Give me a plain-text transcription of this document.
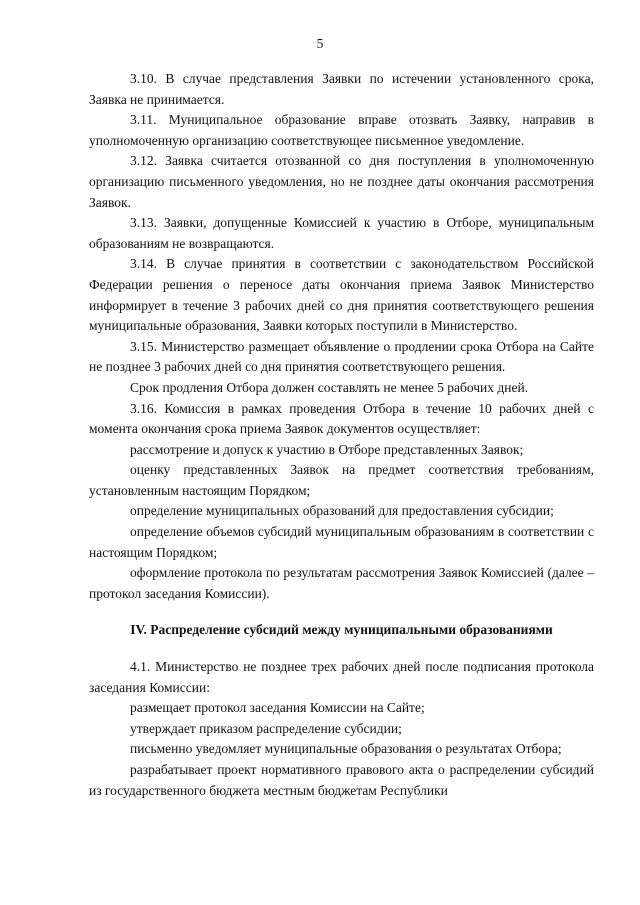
5

3.10. В случае представления Заявки по истечении установленного срока, Заявка не принимается.

3.11. Муниципальное образование вправе отозвать Заявку, направив в уполномоченную организацию соответствующее письменное уведомление.

3.12. Заявка считается отозванной со дня поступления в уполномоченную организацию письменного уведомления, но не позднее даты окончания рассмотрения Заявок.

3.13. Заявки, допущенные Комиссией к участию в Отборе, муниципальным образованиям не возвращаются.

3.14. В случае принятия в соответствии с законодательством Российской Федерации решения о переносе даты окончания приема Заявок Министерство информирует в течение 3 рабочих дней со дня принятия соответствующего решения муниципальные образования, Заявки которых поступили в Министерство.

3.15. Министерство размещает объявление о продлении срока Отбора на Сайте не позднее 3 рабочих дней со дня принятия соответствующего решения.

Срок продления Отбора должен составлять не менее 5 рабочих дней.

3.16. Комиссия в рамках проведения Отбора в течение 10 рабочих дней с момента окончания срока приема Заявок документов осуществляет:

рассмотрение и допуск к участию в Отборе представленных Заявок;

оценку представленных Заявок на предмет соответствия требованиям, установленным настоящим Порядком;

определение муниципальных образований для предоставления субсидии;

определение объемов субсидий муниципальным образованиям в соответствии с настоящим Порядком;

оформление протокола по результатам рассмотрения Заявок Комиссией (далее – протокол заседания Комиссии).

IV. Распределение субсидий между муниципальными образованиями

4.1. Министерство не позднее трех рабочих дней после подписания протокола заседания Комиссии:

размещает протокол заседания Комиссии на Сайте;

утверждает приказом распределение субсидии;

письменно уведомляет муниципальные образования о результатах Отбора;

разрабатывает проект нормативного правового акта о распределении субсидий из государственного бюджета местным бюджетам Республики
